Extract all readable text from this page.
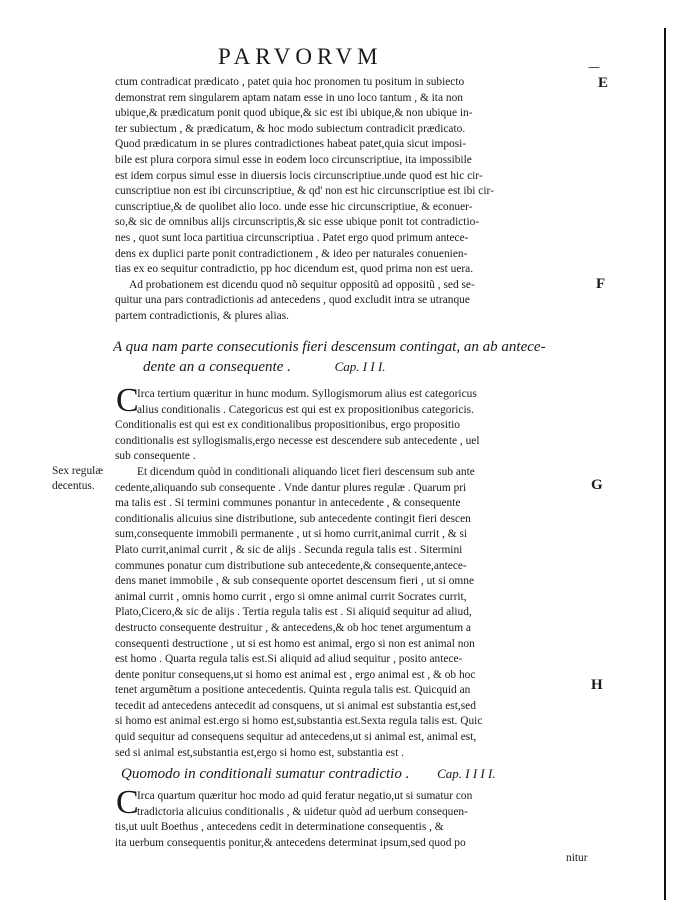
PARVORVM	—
E
F
G
H
Sex regulæ
decentus.
ctum contradicat prædicato , patet quia hoc pronomen tu positum in subiecto
demonstrat rem singularem aptam natam esse in uno loco tantum , & ita non
ubique,& prædicatum ponit quod ubique,& sic est ibi ubique,& non ubique in-
ter subiectum , & prædicatum, & hoc modo subiectum contradicit prædicato.
Quod prædicatum in se plures contradictiones habeat patet,quia sicut imposi-
bile est plura corpora simul esse in eodem loco circunscriptiue, ita impossibile
est idem corpus simul esse in diuersis locis circunscriptiue.unde quod est hic cir-
cunscriptiue non est ibi circunscriptiue, & qd' non est hic circunscriptiue est ibi cir-
cunscriptiue,& de quolibet alio loco. unde esse hic circunscriptiue, & econuer-
so,& sic de omnibus alijs circunscriptis,& sic esse ubique ponit tot contradictio-
nes , quot sunt loca partitiua circunscriptiua . Patet ergo quod primum antece-
dens ex duplici parte ponit contradictionem , & ideo per naturales conuenien-
tias ex eo sequitur contradictio, pp hoc dicendum est, quod prima non est uera.
Ad probationem est dicendu quod nõ sequitur oppositũ ad oppositũ , sed se-
quitur una pars contradictionis ad antecedens , quod excludit intra se utranque
partem contradictionis, & plures alias.
A qua nam parte consecutionis fieri descensum contingat, an ab antece-
dente an a consequente .	Cap. I I I.
C
Irca tertium quæritur in hunc modum. Syllogismorum alius est categoricus
alius conditionalis . Categoricus est qui est ex propositionibus categoricis.
Conditionalis est qui est ex conditionalibus propositionibus, ergo propositio
conditionalis est syllogismalis,ergo necesse est descendere sub antecedente , uel
sub consequente .
Et dicendum quòd in conditionali aliquando licet fieri descensum sub ante
cedente,aliquando sub consequente . Vnde dantur plures regulæ . Quarum pri
ma talis est . Si termini communes ponantur in antecedente , & consequente
conditionalis alicuius sine distributione, sub antecedente contingit fieri descen
sum,consequente immobili permanente , ut si homo currit,animal currit , & si
Plato currit,animal currit , & sic de alijs . Secunda regula talis est . Sitermini
communes ponatur cum distributione sub antecedente,& consequente,antece-
dens manet immobile , & sub consequente oportet descensum fieri , ut si omne
animal currit , omnis homo currit , ergo si omne animal currit Socrates currit,
Plato,Cicero,& sic de alijs . Tertia regula talis est . Si aliquid sequitur ad aliud,
destructo consequente destruitur , & antecedens,& ob hoc tenet argumentum a
consequenti destructione , ut si est homo est animal, ergo si non est animal non
est homo . Quarta regula talis est.Si aliquid ad aliud sequitur , posito antece-
dente ponitur consequens,ut si homo est animal est , ergo animal est , & ob hoc
tenet argumẽtum a positione antecedentis. Quinta regula talis est. Quicquid an
tecedit ad antecedens antecedit ad consquens, ut si animal est substantia est,sed
si homo est animal est.ergo si homo est,substantia est.Sexta regula talis est. Quic
quid sequitur ad consequens sequitur ad antecedens,ut si animal est, animal est,
sed si animal est,substantia est,ergo si homo est, substantia est .
Quomodo in conditionali sumatur contradictio . Cap. I I I I.
C
Irca quartum quæritur hoc modo ad quid feratur negatio,ut si sumatur con
tradictoria alicuius conditionalis , & uidetur quòd ad uerbum consequen-
tis,ut uult Boethus , antecedens cedit in determinatione consequentis , &
ita uerbum consequentis ponitur,& antecedens determinat ipsum,sed quod po
nitur
